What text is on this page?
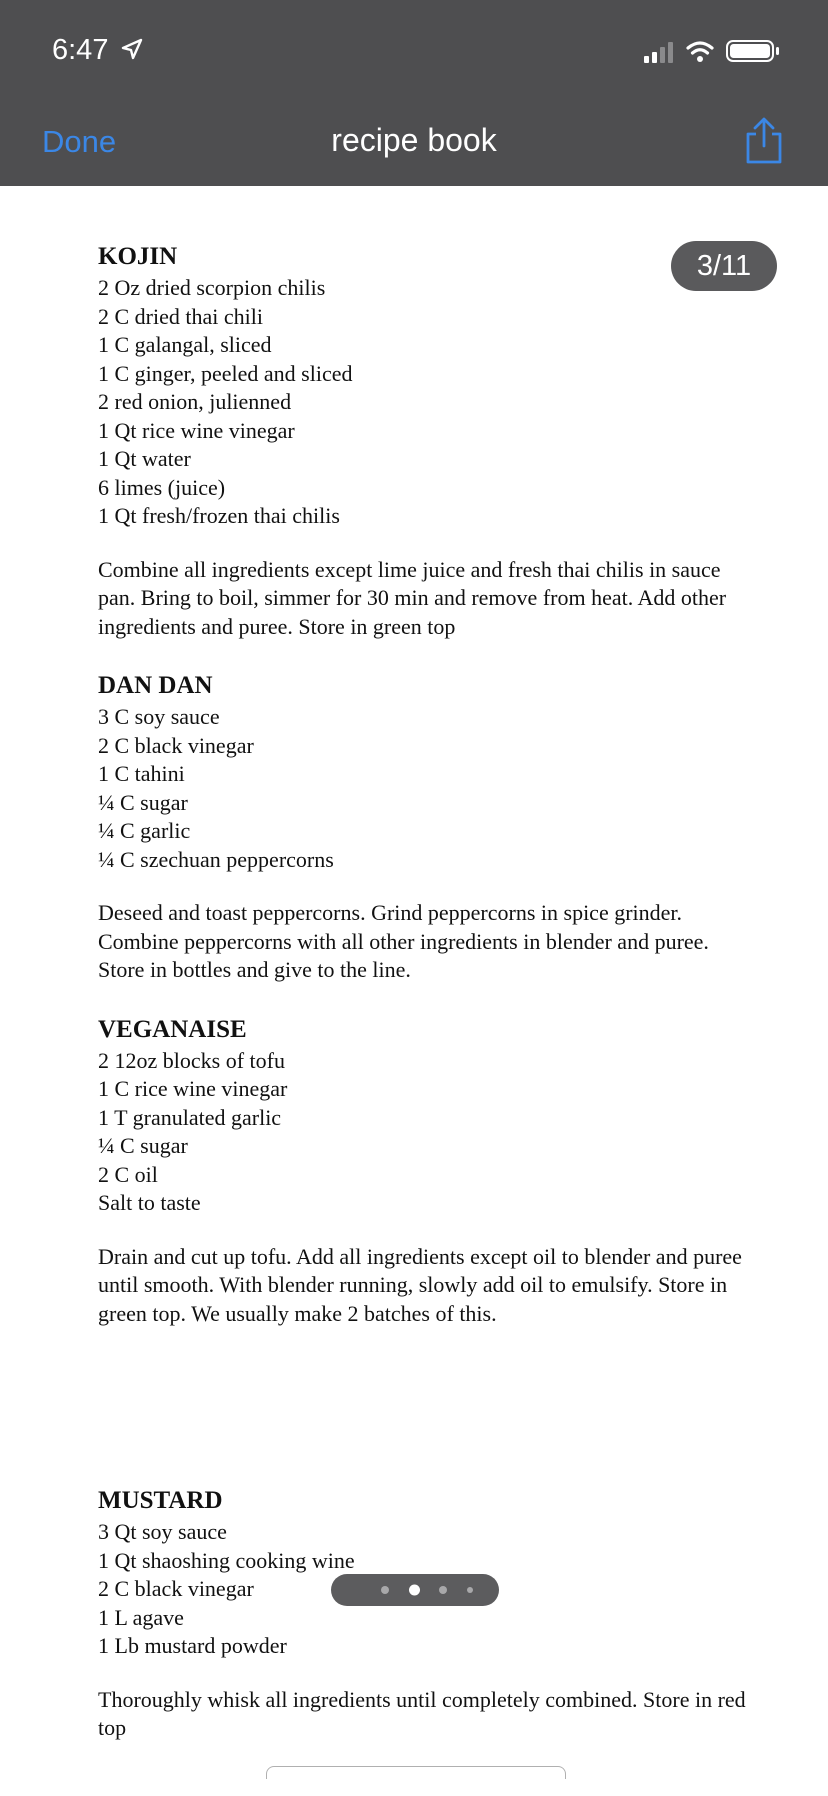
6:47
Done	recipe book
KOJIN

2 Oz dried scorpion chilis

2 C dried thai chili

1 C galangal, sliced

1 C ginger, peeled and sliced

2 red onion, julienned

1 Qt rice wine vinegar

1 Qt water

6 limes (juice)

1 Qt fresh/frozen thai chilis

Combine all ingredients except lime juice and fresh thai chilis in sauce pan. Bring to boil, simmer for 30 min and remove from heat. Add other ingredients and puree. Store in green top

DAN DAN

3 C soy sauce

2 C black vinegar

1 C tahini

¼ C sugar

¼ C garlic

¼ C szechuan peppercorns

Deseed and toast peppercorns. Grind peppercorns in spice grinder. Combine peppercorns with all other ingredients in blender and puree. Store in bottles and give to the line.

VEGANAISE

2 12oz blocks of tofu

1 C rice wine vinegar

1 T granulated garlic

¼ C sugar

2 C oil

Salt to taste

Drain and cut up tofu. Add all ingredients except oil to blender and puree until smooth. With blender running, slowly add oil to emulsify. Store in green top. We usually make 2 batches of this.

MUSTARD

3 Qt soy sauce

1 Qt shaoshing cooking wine

2 C black vinegar

1 L agave

1 Lb mustard powder

Thoroughly whisk all ingredients until completely combined. Store in red top

3/11
